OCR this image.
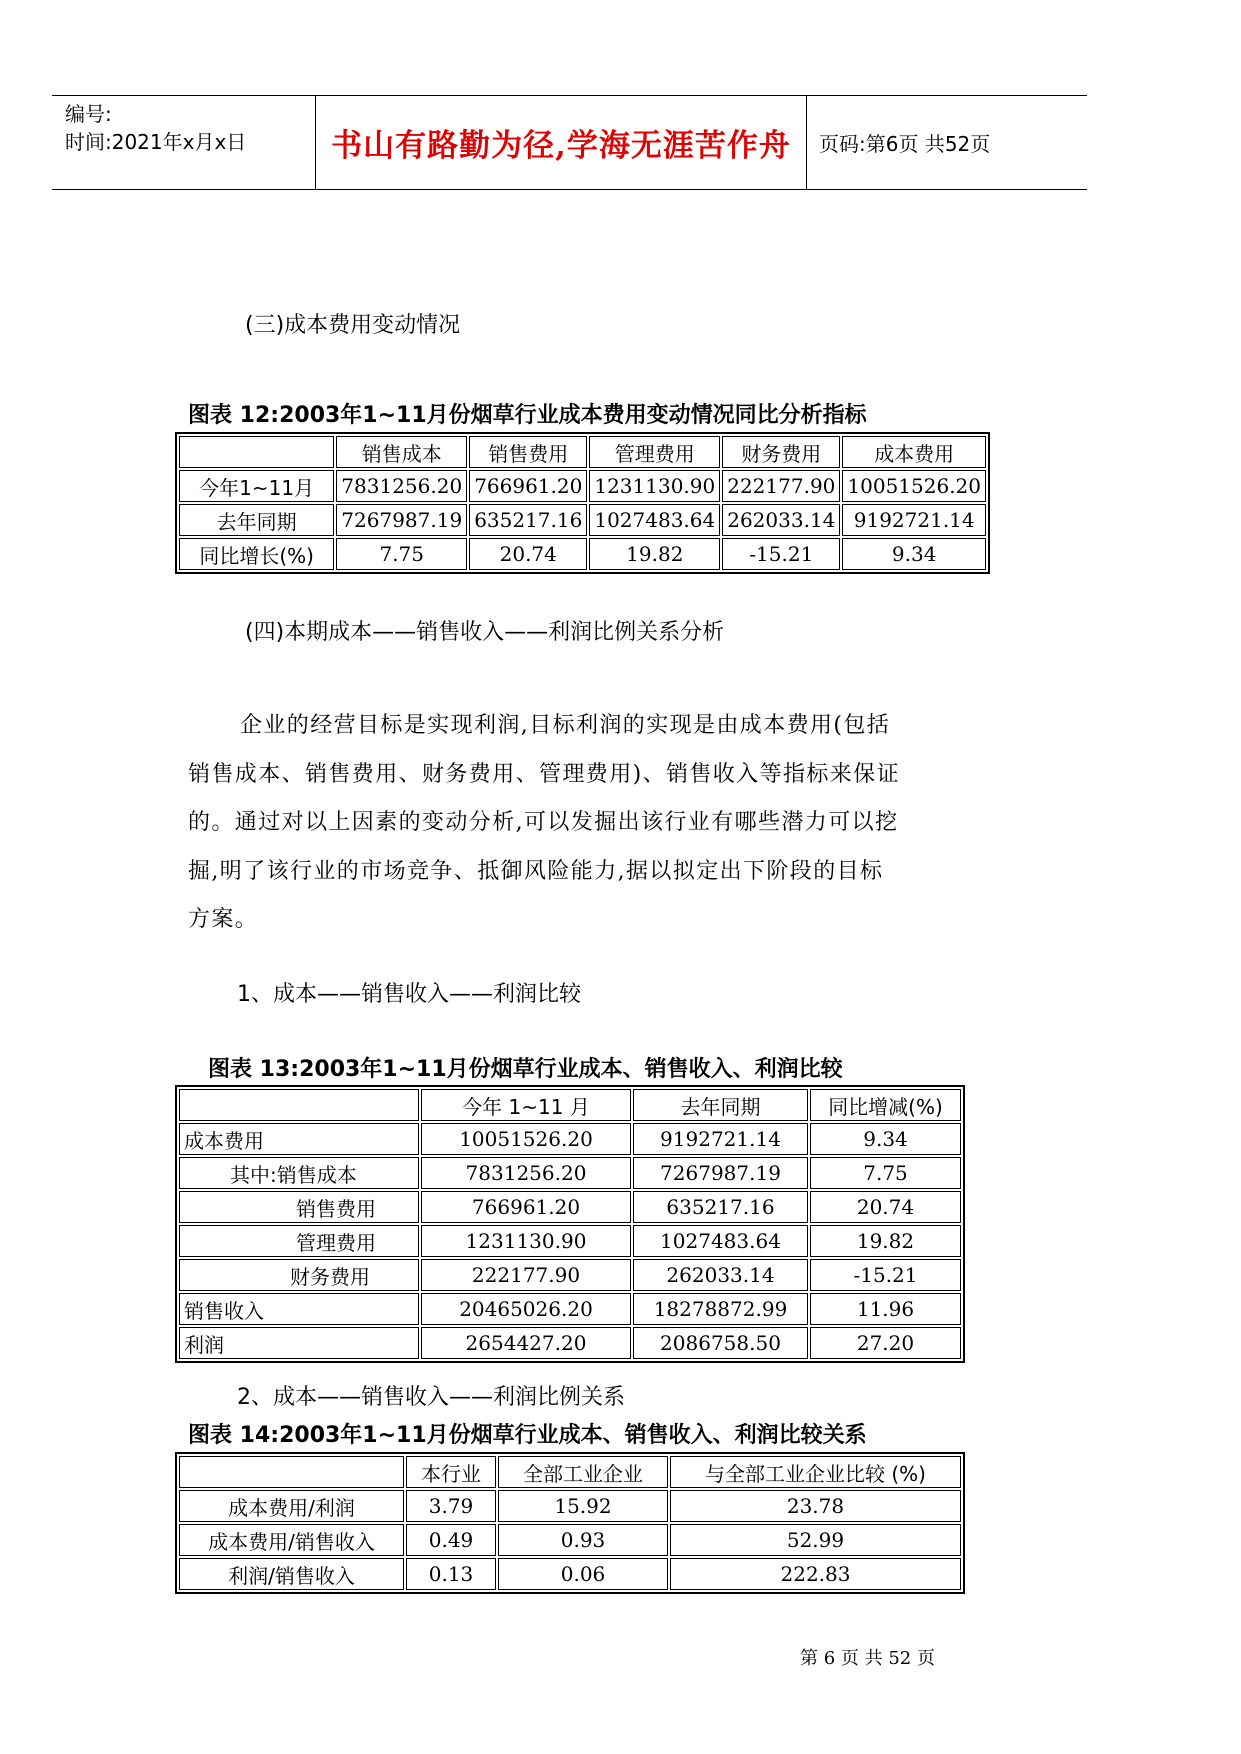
编号:
时间:2021年x月x日	书山有路勤为径,学海无涯苦作舟	页码:第6页 共52页
(三)成本费用变动情况
图表 12:2003年1~11月份烟草行业成本费用变动情况同比分析指标
	销售成本	销售费用	管理费用	财务费用	成本费用
今年1~11月	7831256.20	766961.20	1231130.90	222177.90	10051526.20
去年同期	7267987.19	635217.16	1027483.64	262033.14	9192721.14
同比增长(%)	7.75	20.74	19.82	-15.21	9.34
(四)本期成本——销售收入——利润比例关系分析
企业的经营目标是实现利润,目标利润的实现是由成本费用(包括
销售成本、销售费用、财务费用、管理费用)、销售收入等指标来保证
的。通过对以上因素的变动分析,可以发掘出该行业有哪些潜力可以挖
掘,明了该行业的市场竞争、抵御风险能力,据以拟定出下阶段的目标
方案。
1、成本——销售收入——利润比较
图表 13:2003年1~11月份烟草行业成本、销售收入、利润比较
	今年 1~11 月	去年同期	同比增减(%)
成本费用	10051526.20	9192721.14	9.34
其中:销售成本	7831256.20	7267987.19	7.75
销售费用	766961.20	635217.16	20.74
管理费用	1231130.90	1027483.64	19.82
财务费用	222177.90	262033.14	-15.21
销售收入	20465026.20	18278872.99	11.96
利润	2654427.20	2086758.50	27.20
2、成本——销售收入——利润比例关系
图表 14:2003年1~11月份烟草行业成本、销售收入、利润比较关系
	本行业	全部工业企业	与全部工业企业比较 (%)
成本费用/利润	3.79	15.92	23.78
成本费用/销售收入	0.49	0.93	52.99
利润/销售收入	0.13	0.06	222.83
第 6 页 共 52 页
